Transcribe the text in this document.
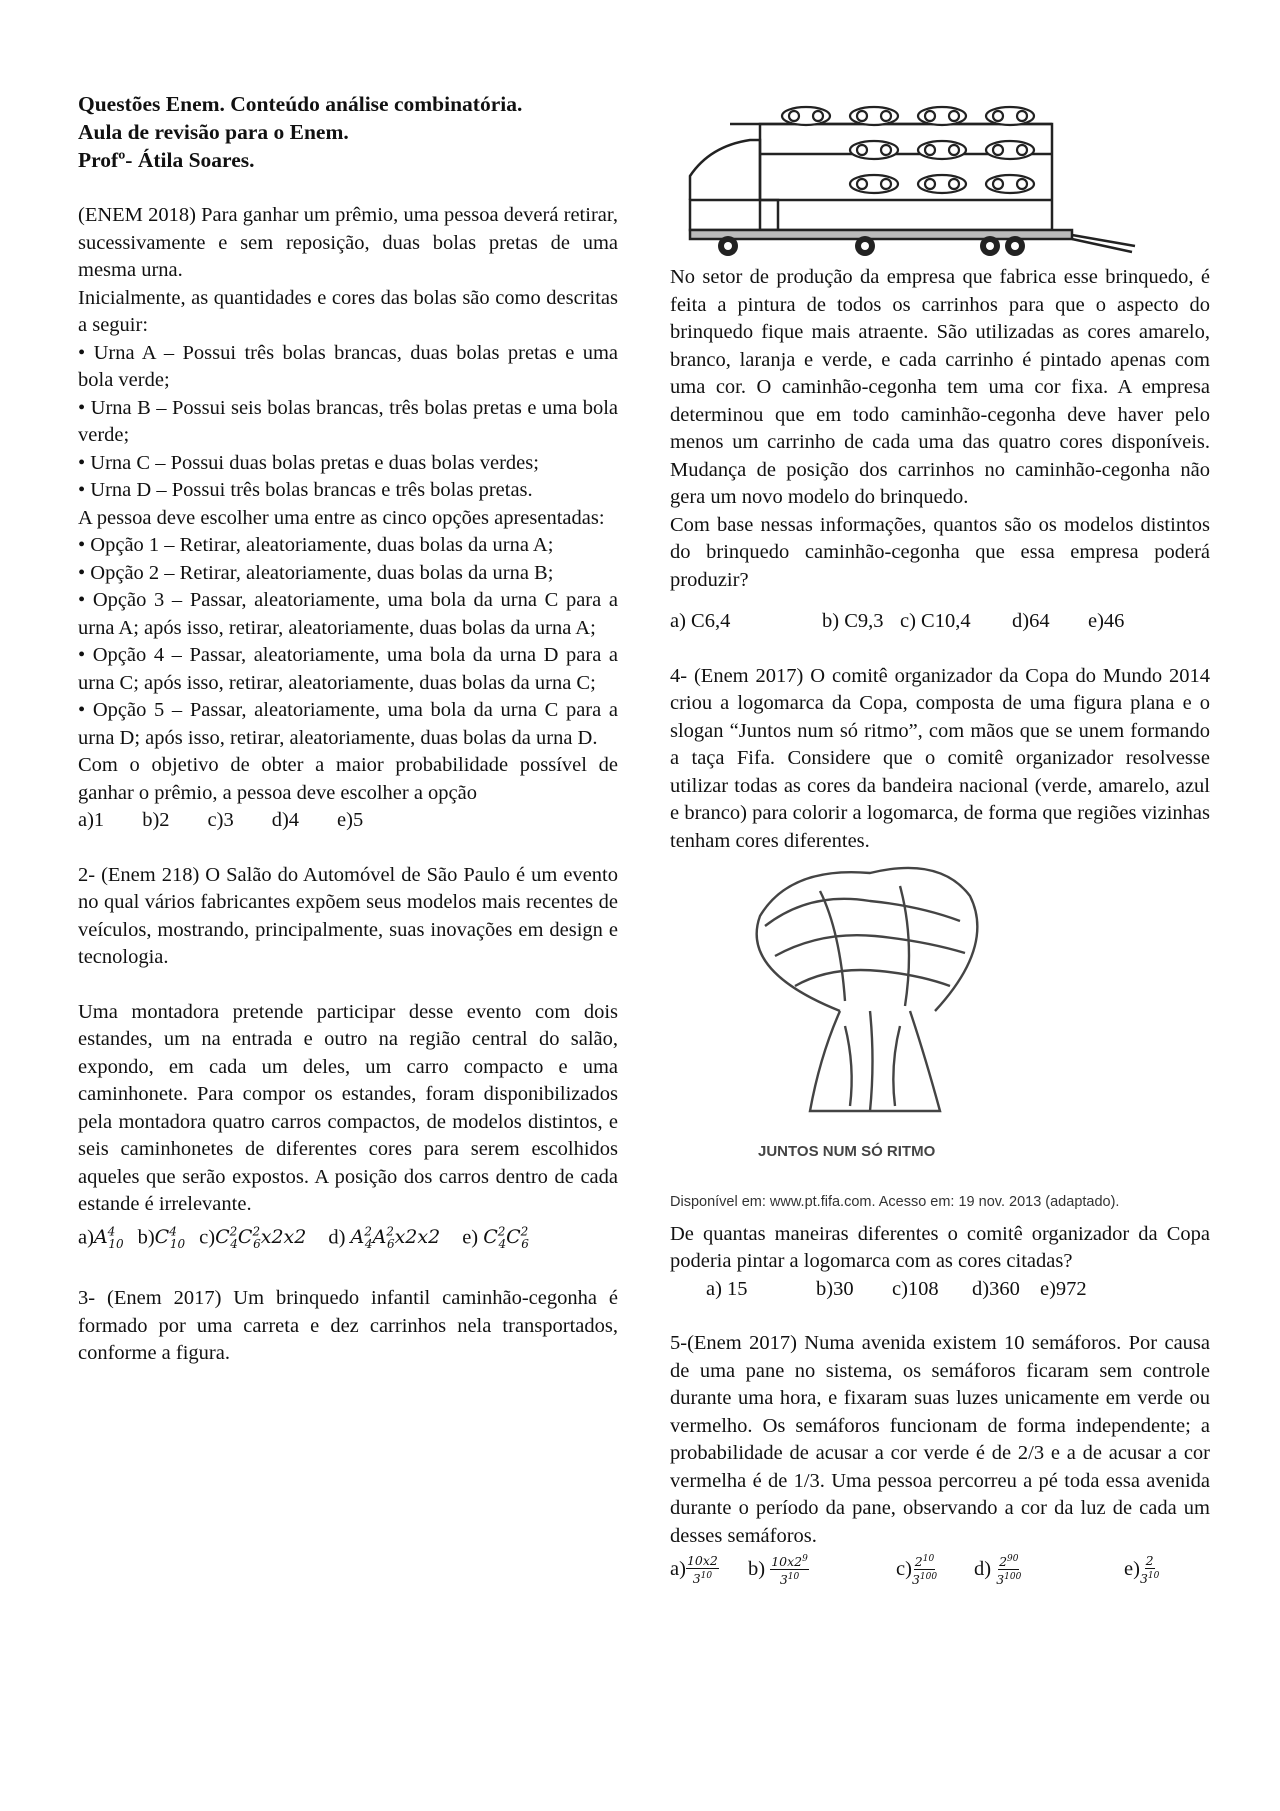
Questões Enem. Conteúdo análise combinatória.
Aula de revisão para o Enem.
Profº- Átila Soares.

(ENEM 2018) Para ganhar um prêmio, uma pessoa deverá retirar, sucessivamente e sem reposição, duas bolas pretas de uma mesma urna.

Inicialmente, as quantidades e cores das bolas são como descritas a seguir:

• Urna A – Possui três bolas brancas, duas bolas pretas e uma bola verde;

• Urna B – Possui seis bolas brancas, três bolas pretas e uma bola verde;

• Urna C – Possui duas bolas pretas e duas bolas verdes;

• Urna D – Possui três bolas brancas e três bolas pretas.

A pessoa deve escolher uma entre as cinco opções apresentadas:

• Opção 1 – Retirar, aleatoriamente, duas bolas da urna A;

• Opção 2 – Retirar, aleatoriamente, duas bolas da urna B;

• Opção 3 – Passar, aleatoriamente, uma bola da urna C para a urna A; após isso, retirar, aleatoriamente, duas bolas da urna A;

• Opção 4 – Passar, aleatoriamente, uma bola da urna D para a urna C; após isso, retirar, aleatoriamente, duas bolas da urna C;

• Opção 5 – Passar, aleatoriamente, uma bola da urna C para a urna D; após isso, retirar, aleatoriamente, duas bolas da urna D.

Com o objetivo de obter a maior probabilidade possível de ganhar o prêmio, a pessoa deve escolher a opção

a)1 b)2 c)3 d)4 e)5

2- (Enem 218) O Salão do Automóvel de São Paulo é um evento no qual vários fabricantes expõem seus modelos mais recentes de veículos, mostrando, principalmente, suas inovações em design e tecnologia.

Uma montadora pretende participar desse evento com dois estandes, um na entrada e outro na região central do salão, expondo, em cada um deles, um carro compacto e uma caminhonete. Para compor os estandes, foram disponibilizados pela montadora quatro carros compactos, de modelos distintos, e seis caminhonetes de diferentes cores para serem escolhidos aqueles que serão expostos. A posição dos carros dentro de cada estande é irrelevante.

$a)A^4_{10}$ $b)C^4_{10}$ $c)C^2_4C^2_6x2x2$ d) $A^2_4A^2_6x2x2$ e) $C^2_4C^2_6$

3- (Enem 2017) Um brinquedo infantil caminhão-cegonha é formado por uma carreta e dez carrinhos nela transportados, conforme a figura.

No setor de produção da empresa que fabrica esse brinquedo, é feita a pintura de todos os carrinhos para que o aspecto do brinquedo fique mais atraente. São utilizadas as cores amarelo, branco, laranja e verde, e cada carrinho é pintado apenas com uma cor. O caminhão-cegonha tem uma cor fixa. A empresa determinou que em todo caminhão-cegonha deve haver pelo menos um carrinho de cada uma das quatro cores disponíveis. Mudança de posição dos carrinhos no caminhão-cegonha não gera um novo modelo do brinquedo.

Com base nessas informações, quantos são os modelos distintos do brinquedo caminhão-cegonha que essa empresa poderá produzir?

a) C6,4	b) C9,3 c) C10,4	d)64	e)46

4- (Enem 2017) O comitê organizador da Copa do Mundo 2014 criou a logomarca da Copa, composta de uma figura plana e o slogan “Juntos num só ritmo”, com mãos que se unem formando a taça Fifa. Considere que o comitê organizador resolvesse utilizar todas as cores da bandeira nacional (verde, amarelo, azul e branco) para colorir a logomarca, de forma que regiões vizinhas tenham cores diferentes.

JUNTOS NUM SÓ RITMO
Disponível em: www.pt.fifa.com. Acesso em: 19 nov. 2013 (adaptado).

De quantas maneiras diferentes o comitê organizador da Copa poderia pintar a logomarca com as cores citadas?

a) 15	b)30	c)108	d)360 e)972

5-(Enem 2017) Numa avenida existem 10 semáforos. Por causa de uma pane no sistema, os semáforos ficaram sem controle durante uma hora, e fixaram suas luzes unicamente em verde ou vermelho. Os semáforos funcionam de forma independente; a probabilidade de acusar a cor verde é de 2/3 e a de acusar a cor vermelha é de 1/3. Uma pessoa percorreu a pé toda essa avenida durante o período da pane, observando a cor da luz de cada um desses semáforos.

$a) \frac{10x2}{3^{10}} b$)
$\frac{10x2^9}{3^{10}}$	$c) \frac{2^{10}}{3^{100}} d$)
$\frac{2^{90}}{3^{100}}$	$e) \frac{2}{3^{10}}$
